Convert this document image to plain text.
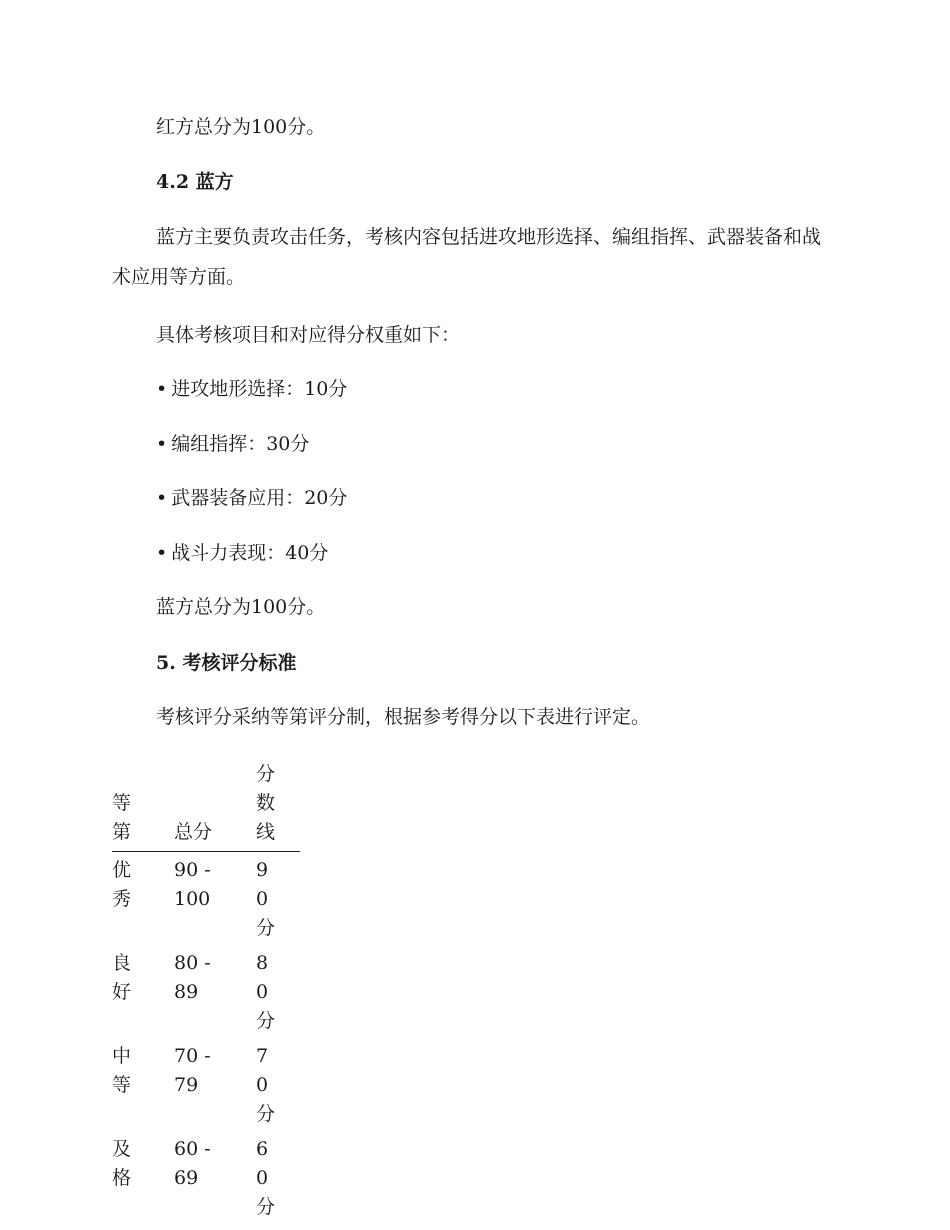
红方总分为100分。

4.2 蓝方

蓝方主要负责攻击任务，考核内容包括进攻地形选择、编组指挥、武器装备和战术应用等方面。

具体考核项目和对应得分权重如下：

• 进攻地形选择：10分

• 编组指挥：30分

• 武器装备应用：20分

• 战斗力表现：40分

蓝方总分为100分。

5. 考核评分标准

考核评分采纳等第评分制，根据参考得分以下表进行评定。

等第	总分	分数线
优秀	90 - 100	90分
良好	80 - 89	80分
中等	70 - 79	70分
及格	60 - 69	60分
